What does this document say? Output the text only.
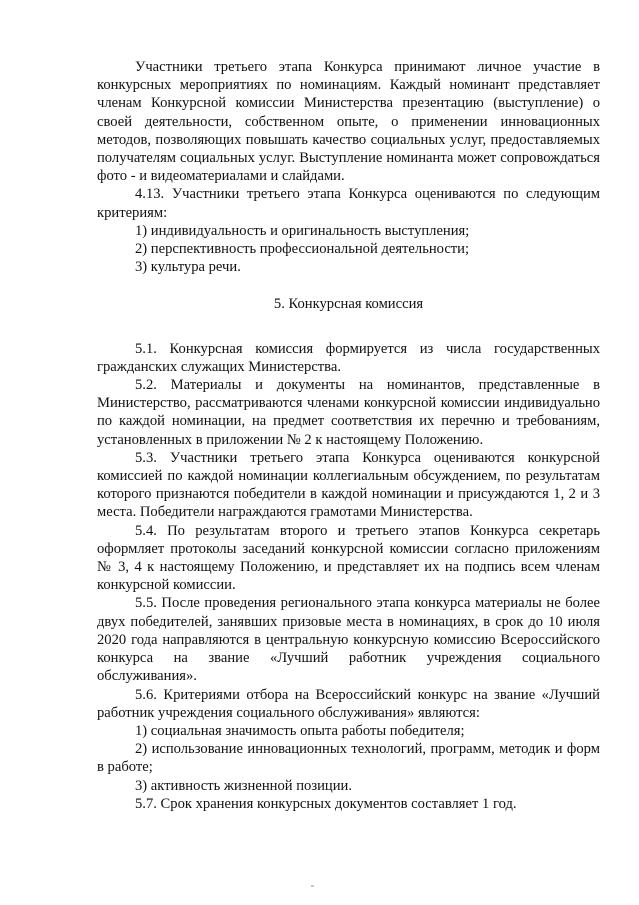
Участники третьего этапа Конкурса принимают личное участие в конкурсных мероприятиях по номинациям. Каждый номинант представляет членам Конкурсной комиссии Министерства презентацию (выступление) о своей деятельности, собственном опыте, о применении инновационных методов, позволяющих повышать качество социальных услуг, предоставляемых получателям социальных услуг. Выступление номинанта может сопровождаться фото - и видеоматериалами и слайдами.

4.13. Участники третьего этапа Конкурса оцениваются по следующим критериям:

1) индивидуальность и оригинальность выступления;

2) перспективность профессиональной деятельности;

3) культура речи.

5. Конкурсная комиссия

5.1. Конкурсная комиссия формируется из числа государственных гражданских служащих Министерства.

5.2. Материалы и документы на номинантов, представленные в Министерство, рассматриваются членами конкурсной комиссии индивидуально по каждой номинации, на предмет соответствия их перечню и требованиям, установленных в приложении № 2 к настоящему Положению.

5.3. Участники третьего этапа Конкурса оцениваются конкурсной комиссией по каждой номинации коллегиальным обсуждением, по результатам которого признаются победители в каждой номинации и присуждаются 1, 2 и 3 места. Победители награждаются грамотами Министерства.

5.4. По результатам второго и третьего этапов Конкурса секретарь оформляет протоколы заседаний конкурсной комиссии согласно приложениям № 3, 4 к настоящему Положению, и представляет их на подпись всем членам конкурсной комиссии.

5.5. После проведения регионального этапа конкурса материалы не более двух победителей, занявших призовые места в номинациях, в срок до 10 июля 2020 года направляются в центральную конкурсную комиссию Всероссийского конкурса на звание «Лучший работник учреждения социального обслуживания».

5.6. Критериями отбора на Всероссийский конкурс на звание «Лучший работник учреждения социального обслуживания» являются:

1) социальная значимость опыта работы победителя;

2) использование инновационных технологий, программ, методик и форм в работе;

3) активность жизненной позиции.

5.7. Срок хранения конкурсных документов составляет 1 год.
